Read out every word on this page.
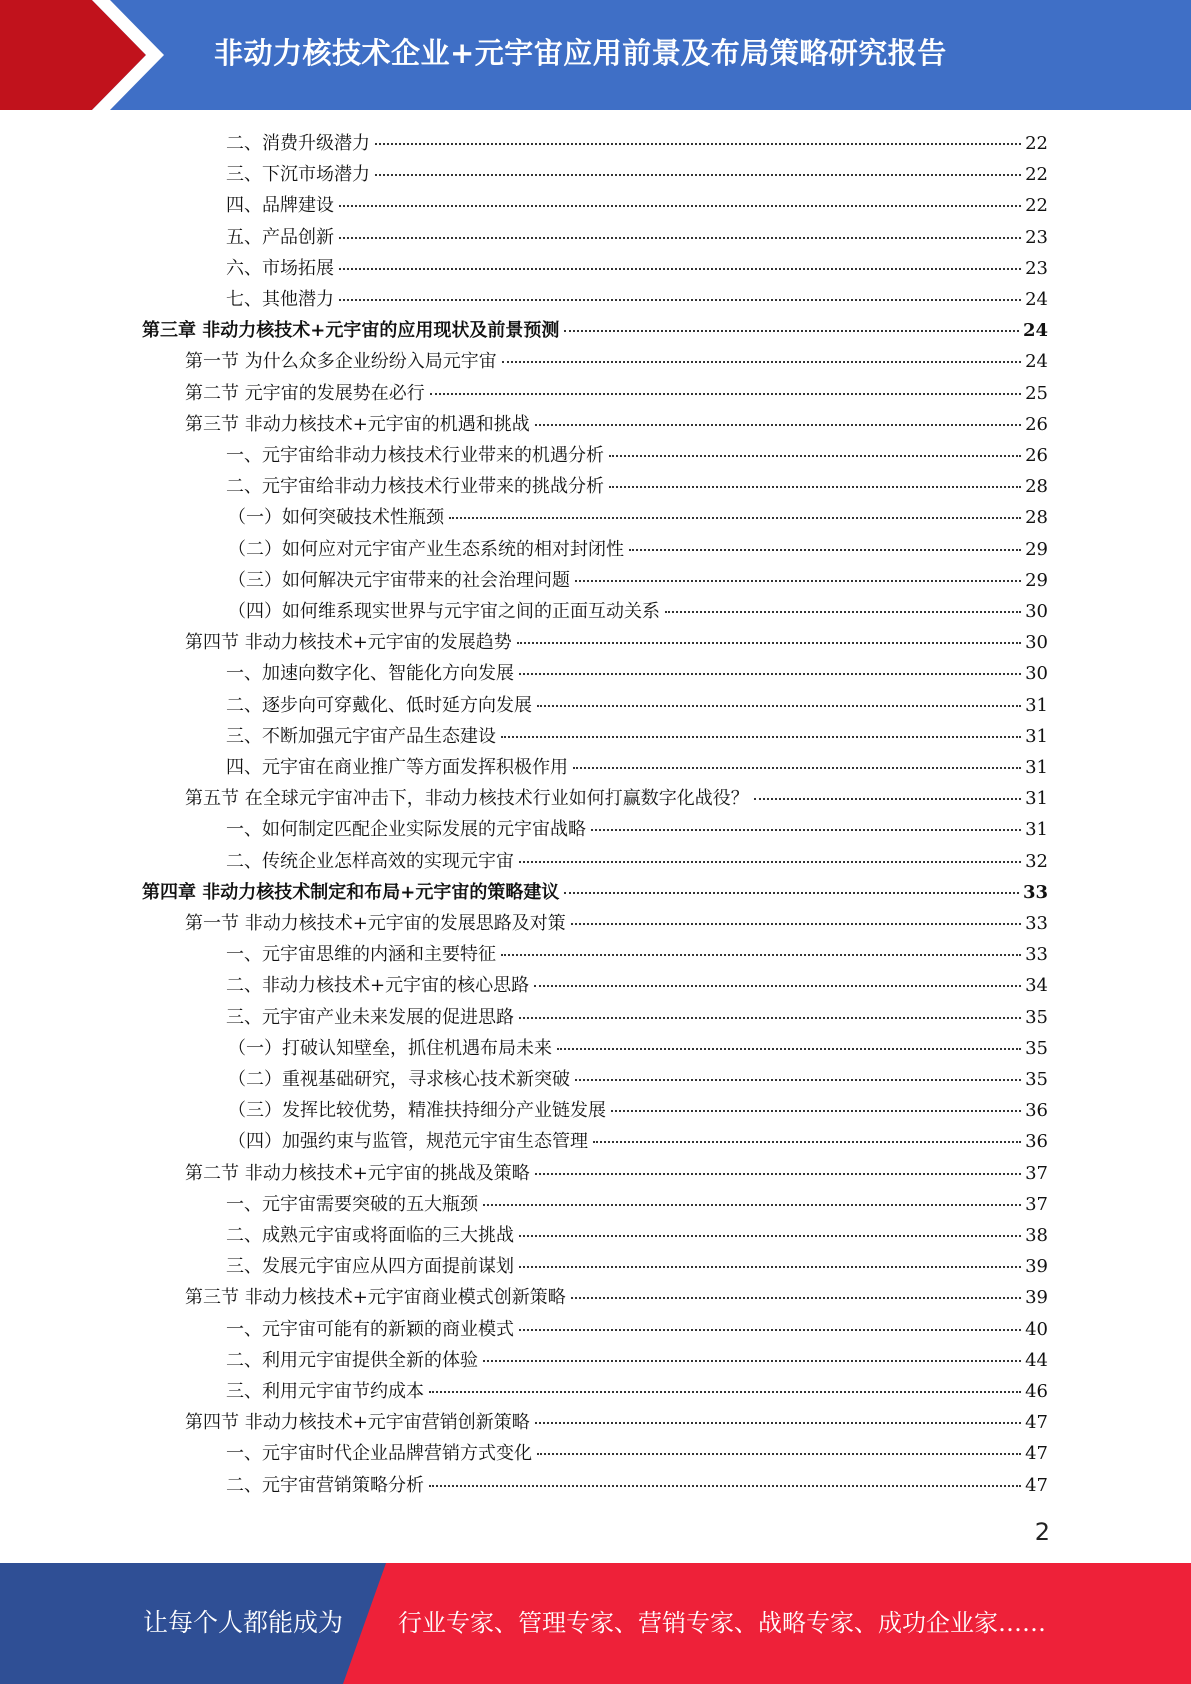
非动力核技术企业+元宇宙应用前景及布局策略研究报告
二、消费升级潜力	22
三、下沉市场潜力	22
四、品牌建设	22
五、产品创新	23
六、市场拓展	23
七、其他潜力	24
第三章 非动力核技术+元宇宙的应用现状及前景预测	24
第一节 为什么众多企业纷纷入局元宇宙	24
第二节 元宇宙的发展势在必行	25
第三节 非动力核技术+元宇宙的机遇和挑战	26
一、元宇宙给非动力核技术行业带来的机遇分析	26
二、元宇宙给非动力核技术行业带来的挑战分析	28
（一）如何突破技术性瓶颈	28
（二）如何应对元宇宙产业生态系统的相对封闭性	29
（三）如何解决元宇宙带来的社会治理问题	29
（四）如何维系现实世界与元宇宙之间的正面互动关系	30
第四节 非动力核技术+元宇宙的发展趋势	30
一、加速向数字化、智能化方向发展	30
二、逐步向可穿戴化、低时延方向发展	31
三、不断加强元宇宙产品生态建设	31
四、元宇宙在商业推广等方面发挥积极作用	31
第五节 在全球元宇宙冲击下，非动力核技术行业如何打赢数字化战役？	31
一、如何制定匹配企业实际发展的元宇宙战略	31
二、传统企业怎样高效的实现元宇宙	32
第四章 非动力核技术制定和布局+元宇宙的策略建议	33
第一节 非动力核技术+元宇宙的发展思路及对策	33
一、元宇宙思维的内涵和主要特征	33
二、非动力核技术+元宇宙的核心思路	34
三、元宇宙产业未来发展的促进思路	35
（一）打破认知壁垒，抓住机遇布局未来	35
（二）重视基础研究，寻求核心技术新突破	35
（三）发挥比较优势，精准扶持细分产业链发展	36
（四）加强约束与监管，规范元宇宙生态管理	36
第二节 非动力核技术+元宇宙的挑战及策略	37
一、元宇宙需要突破的五大瓶颈	37
二、成熟元宇宙或将面临的三大挑战	38
三、发展元宇宙应从四方面提前谋划	39
第三节 非动力核技术+元宇宙商业模式创新策略	39
一、元宇宙可能有的新颖的商业模式	40
二、利用元宇宙提供全新的体验	44
三、利用元宇宙节约成本	46
第四节 非动力核技术+元宇宙营销创新策略	47
一、元宇宙时代企业品牌营销方式变化	47
二、元宇宙营销策略分析	47
2
让每个人都能成为 行业专家、管理专家、营销专家、战略专家、成功企业家……
